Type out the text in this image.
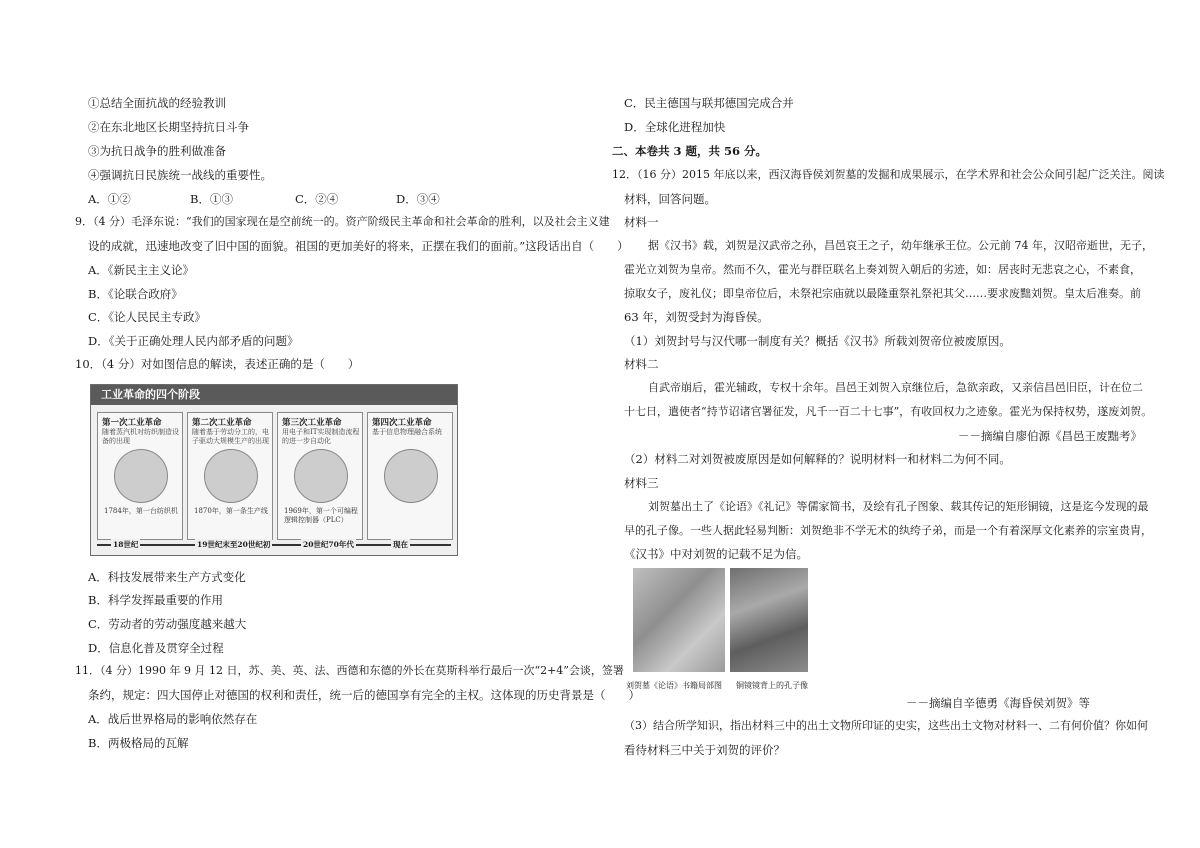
①总结全面抗战的经验教训
②在东北地区长期坚持抗日斗争
③为抗日战争的胜利做准备
④强调抗日民族统一战线的重要性。
A．①②	B．①③	C．②④	D．③④
9．（4 分）毛泽东说：“我们的国家现在是空前统一的。资产阶级民主革命和社会革命的胜利，以及社会主义建
设的成就，迅速地改变了旧中国的面貌。祖国的更加美好的将来，正摆在我们的面前。”这段话出自（　　）
A．《新民主主义论》
B．《论联合政府》
C．《论人民民主专政》
D．《关于正确处理人民内部矛盾的问题》
10．（4 分）对如图信息的解读，表述正确的是（　　）
工业革命的四个阶段
第一次工业革命
随着蒸汽机对纺织制造设备的出现
1784年，第一台纺织机
第二次工业革命
随着基于劳动分工的，电子驱动大规模生产的出现
1870年，第一条生产线
第三次工业革命
用电子和IT实现制造流程的进一步自动化
1969年，第一个可编程逻辑控制器（PLC）
第四次工业革命
基于信息物理融合系统
18世纪	19世纪末至20世纪初	20世纪70年代	现在
A．科技发展带来生产方式变化
B．科学发挥最重要的作用
C．劳动者的劳动强度越来越大
D．信息化普及贯穿全过程
11．（4 分）1990 年 9 月 12 日，苏、美、英、法、西德和东德的外长在莫斯科举行最后一次“2+4”会谈，签署
条约，规定：四大国停止对德国的权利和责任，统一后的德国享有完全的主权。这体现的历史背景是（　　）
A．战后世界格局的影响依然存在
B．两极格局的瓦解
C．民主德国与联邦德国完成合并
D．全球化进程加快
二、本卷共 3 题，共 56 分。
12．（16 分）2015 年底以来，西汉海昏侯刘贺墓的发掘和成果展示，在学术界和社会公众间引起广泛关注。阅读
材料，回答问题。
材料一
据《汉书》载，刘贺是汉武帝之孙，昌邑哀王之子，幼年继承王位。公元前 74 年，汉昭帝逝世，无子，
霍光立刘贺为皇帝。然而不久，霍光与群臣联名上奏刘贺入朝后的劣迹，如：居丧时无悲哀之心，不素食，
掠取女子，废礼仪；即皇帝位后，未祭祀宗庙就以最隆重祭礼祭祀其父……要求废黜刘贺。皇太后准奏。前
63 年，刘贺受封为海昏侯。
（1）刘贺封号与汉代哪一制度有关？概括《汉书》所载刘贺帝位被废原因。
材料二
自武帝崩后，霍光辅政，专权十余年。昌邑王刘贺入京继位后，急欲亲政，又亲信昌邑旧臣，计在位二
十七日，遣使者“持节诏诸官署征发，凡千一百二十七事”，有收回权力之迹象。霍光为保持权势，遂废刘贺。
－－摘编自廖伯源《昌邑王废黜考》
（2）材料二对刘贺被废原因是如何解释的？说明材料一和材料二为何不同。
材料三
刘贺墓出土了《论语》《礼记》等儒家简书，及绘有孔子图象、载其传记的矩形铜镜，这是迄今发现的最
早的孔子像。一些人据此轻易判断：刘贺绝非不学无术的纨绔子弟，而是一个有着深厚文化素养的宗室贵胄，
《汉书》中对刘贺的记载不足为信。
－－摘编自辛德勇《海昏侯刘贺》等
（3）结合所学知识，指出材料三中的出土文物所印证的史实，这些出土文物对材料一、二有何价值？你如何
看待材料三中关于刘贺的评价？
刘贺墓《论语》书籍局部图 铜镜镜背上的孔子像
